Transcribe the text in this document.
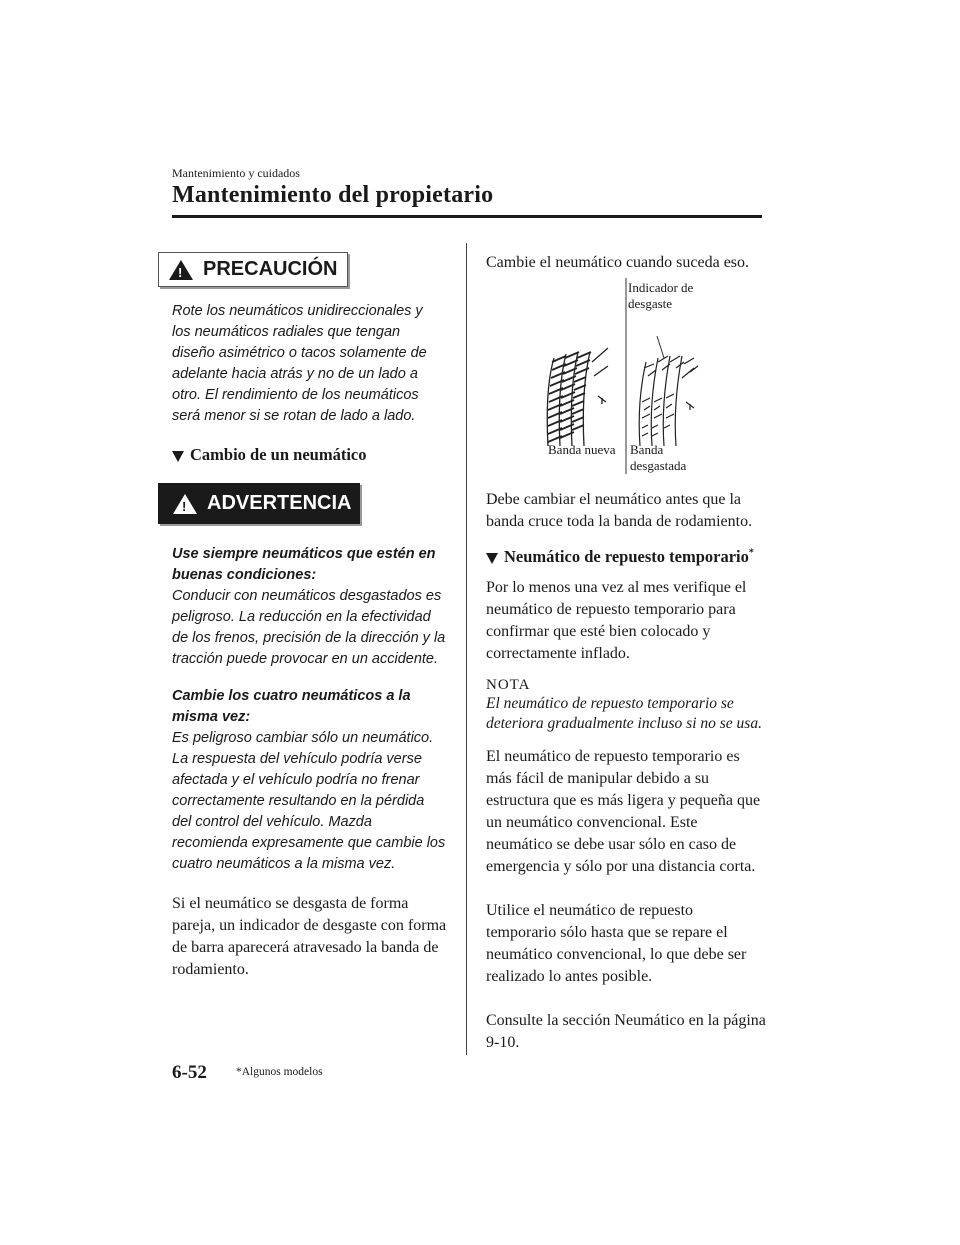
Mantenimiento y cuidados
Mantenimiento del propietario
! PRECAUCIÓN
Rote los neumáticos unidireccionales y los neumáticos radiales que tengan diseño asimétrico o tacos solamente de adelante hacia atrás y no de un lado a otro. El rendimiento de los neumáticos será menor si se rotan de lado a lado.
Cambio de un neumático
! ADVERTENCIA
Use siempre neumáticos que estén en buenas condiciones:
Conducir con neumáticos desgastados es peligroso. La reducción en la efectividad de los frenos, precisión de la dirección y la tracción puede provocar en un accidente.
Cambie los cuatro neumáticos a la misma vez:
Es peligroso cambiar sólo un neumático. La respuesta del vehículo podría verse afectada y el vehículo podría no frenar correctamente resultando en la pérdida del control del vehículo. Mazda recomienda expresamente que cambie los cuatro neumáticos a la misma vez.
Si el neumático se desgasta de forma pareja, un indicador de desgaste con forma de barra aparecerá atravesado la banda de rodamiento.
Cambie el neumático cuando suceda eso.
Indicador de desgaste
Banda nueva Banda desgastada
Debe cambiar el neumático antes que la banda cruce toda la banda de rodamiento.
Neumático de repuesto temporario*
Por lo menos una vez al mes verifique el neumático de repuesto temporario para confirmar que esté bien colocado y correctamente inflado.
NOTA
El neumático de repuesto temporario se deteriora gradualmente incluso si no se usa.
El neumático de repuesto temporario es más fácil de manipular debido a su estructura que es más ligera y pequeña que un neumático convencional. Este neumático se debe usar sólo en caso de emergencia y sólo por una distancia corta.
Utilice el neumático de repuesto temporario sólo hasta que se repare el neumático convencional, lo que debe ser realizado lo antes posible.
Consulte la sección Neumático en la página 9-10.
6-52	*Algunos modelos
